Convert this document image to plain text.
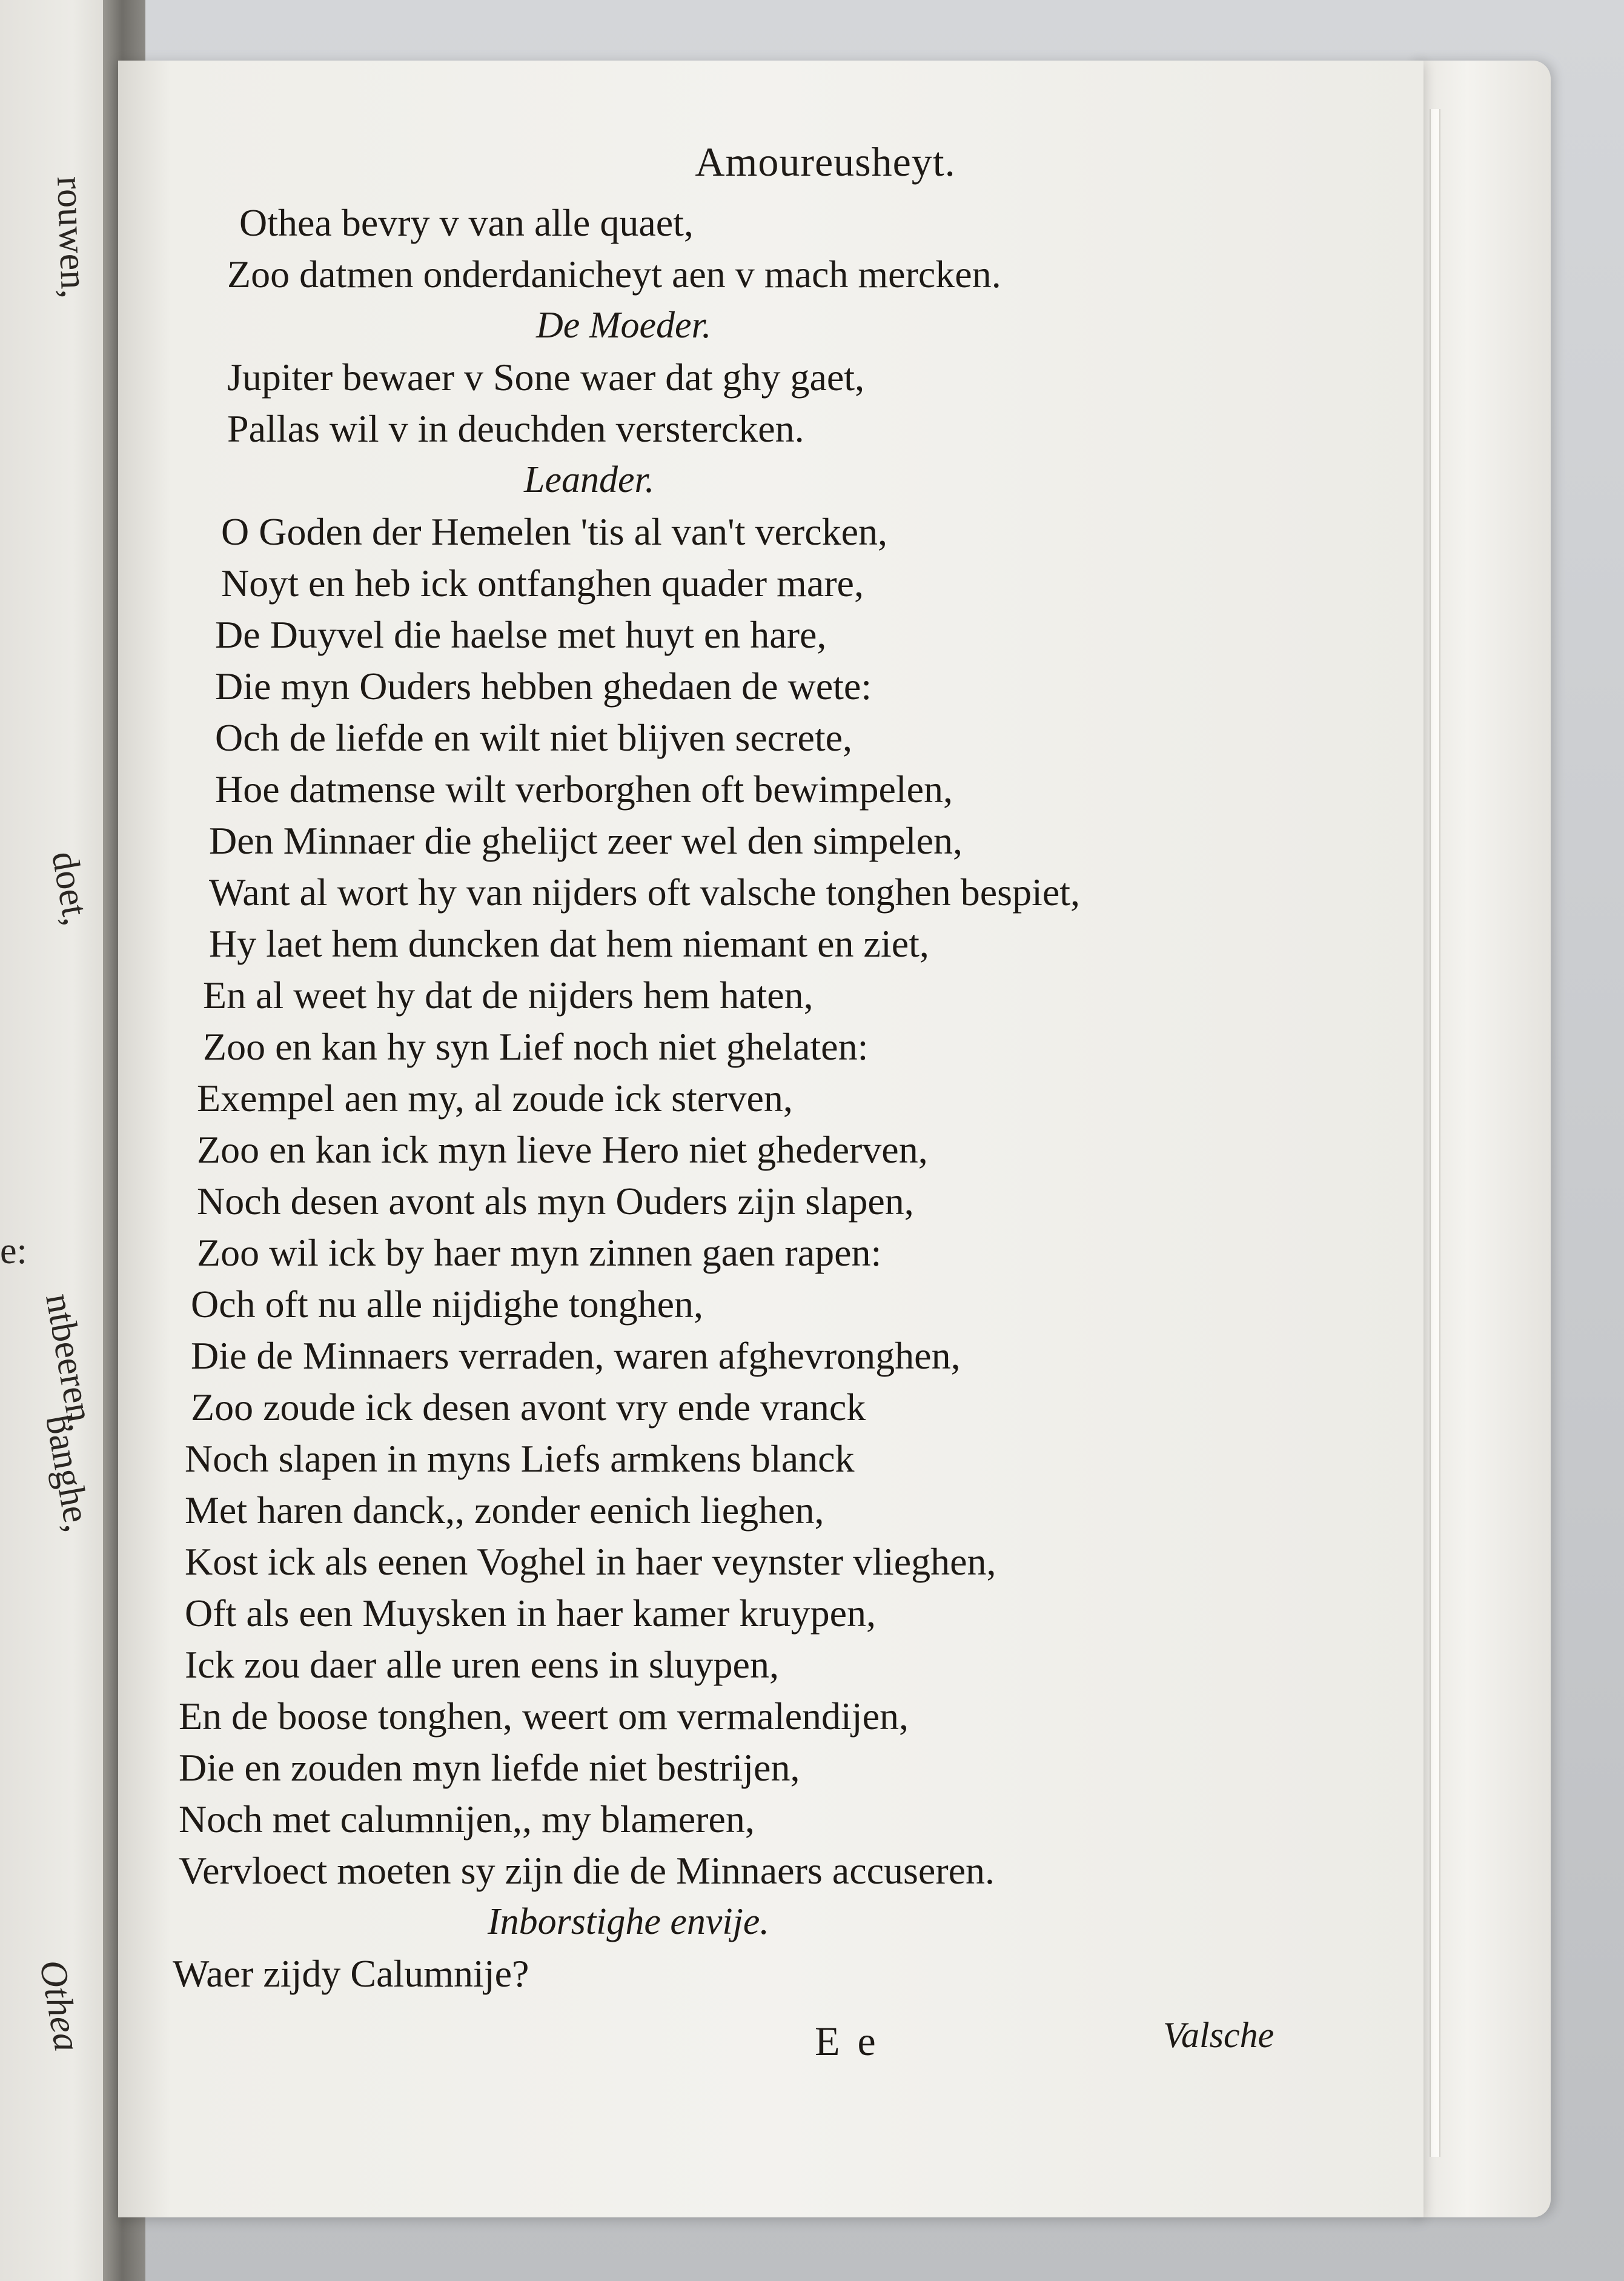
rouwen,
doet,
e:
ntbeeren,
banghe,
Othea
Amoureusheyt.
Othea bevry v van alle quaet,
Zoo datmen onderdanicheyt aen v mach mercken.
De Moeder.
Jupiter bewaer v Sone waer dat ghy gaet,
Pallas wil v in deuchden verstercken.
Leander.
O Goden der Hemelen 'tis al van't vercken,
Noyt en heb ick ontfanghen quader mare,
De Duyvel die haelse met huyt en hare,
Die myn Ouders hebben ghedaen de wete:
Och de liefde en wilt niet blijven secrete,
Hoe datmense wilt verborghen oft bewimpelen,
Den Minnaer die ghelijct zeer wel den simpelen,
Want al wort hy van nijders oft valsche tonghen bespiet,
Hy laet hem duncken dat hem niemant en ziet,
En al weet hy dat de nijders hem haten,
Zoo en kan hy syn Lief noch niet ghelaten:
Exempel aen my, al zoude ick sterven,
Zoo en kan ick myn lieve Hero niet ghederven,
Noch desen avont als myn Ouders zijn slapen,
Zoo wil ick by haer myn zinnen gaen rapen:
Och oft nu alle nijdighe tonghen,
Die de Minnaers verraden, waren afghevronghen,
Zoo zoude ick desen avont vry ende vranck
Noch slapen in myns Liefs armkens blanck
Met haren danck,, zonder eenich lieghen,
Kost ick als eenen Voghel in haer veynster vlieghen,
Oft als een Muysken in haer kamer kruypen,
Ick zou daer alle uren eens in sluypen,
En de boose tonghen, weert om vermalendijen,
Die en zouden myn liefde niet bestrijen,
Noch met calumnijen,, my blameren,
Vervloect moeten sy zijn die de Minnaers accuseren.
Inborstighe envije.
Waer zijdy Calumnije?
E e	Valsche
